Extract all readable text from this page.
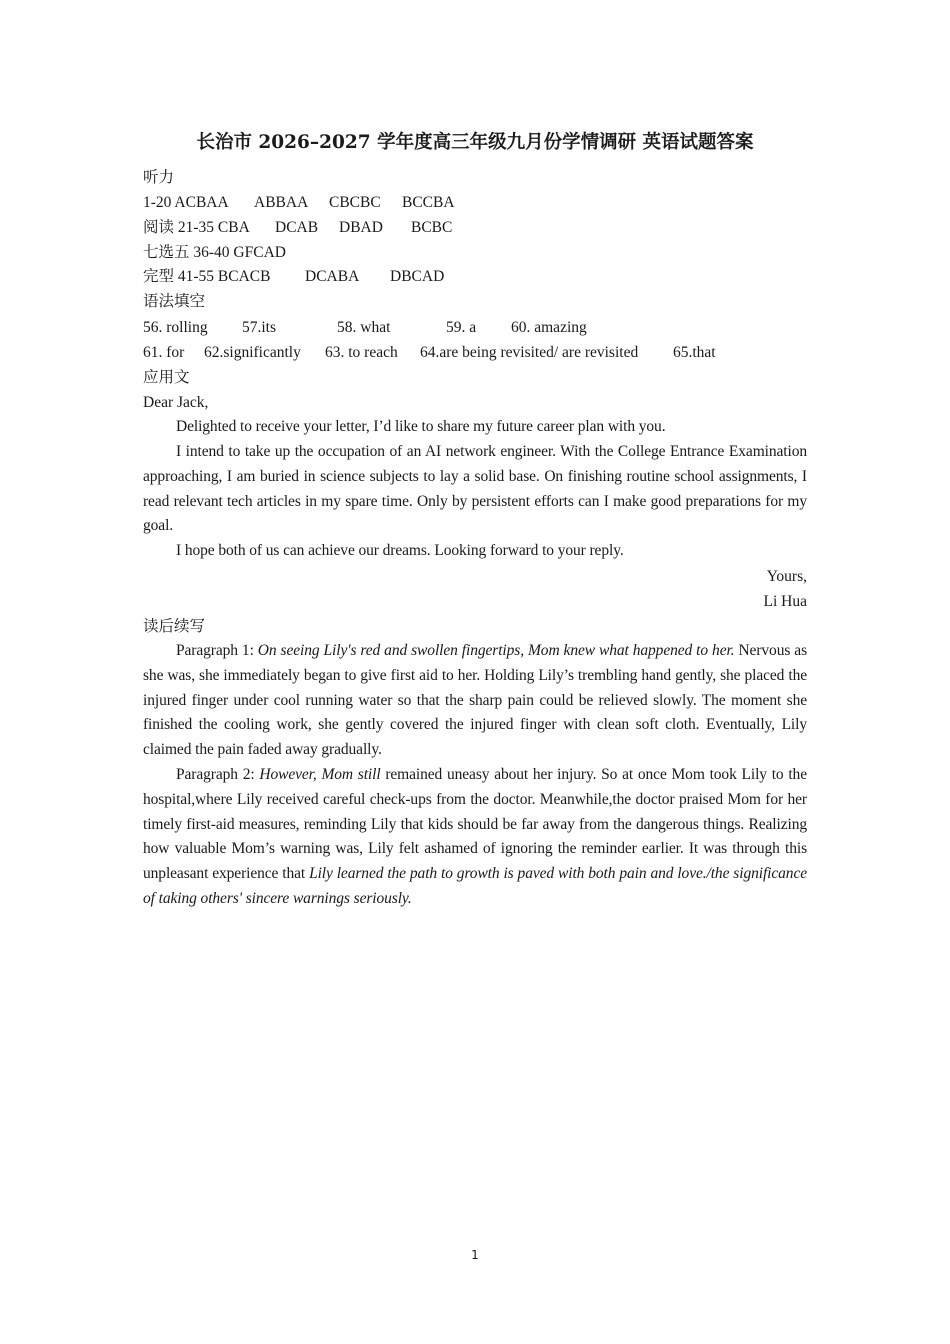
1
长治市 2026–2027 学年度高三年级九月份学情调研 英语试题答案
听力
1-20 ACBAA ABBAA CBCBC BCCBA
阅读 21-35 CBA DCAB DBAD BCBC
七选五 36-40 GFCAD
完型 41-55 BCACB DCABA DBCAD
语法填空
56. rolling 57.its	58. what	59. a 60. amazing
61. for 62.significantly 63. to reach 64.are being revisited/ are revisited 65.that
应用文
Dear Jack,
Delighted to receive your letter, I’d like to share my future career plan with you.
I intend to take up the occupation of an AI network engineer. With the College Entrance Examination approaching, I am buried in science subjects to lay a solid base. On finishing routine school assignments, I read relevant tech articles in my spare time. Only by persistent efforts can I make good preparations for my goal.
I hope both of us can achieve our dreams. Looking forward to your reply.
Yours,
Li Hua
读后续写
Paragraph 1: On seeing Lily's red and swollen fingertips, Mom knew what happened to her. Nervous as she was, she immediately began to give first aid to her. Holding Lily’s trembling hand gently, she placed the injured finger under cool running water so that the sharp pain could be relieved slowly. The moment she finished the cooling work, she gently covered the injured finger with clean soft cloth. Eventually, Lily claimed the pain faded away gradually.
Paragraph 2: However, Mom still remained uneasy about her injury. So at once Mom took Lily to the hospital,where Lily received careful check-ups from the doctor. Meanwhile,the doctor praised Mom for her timely first-aid measures, reminding Lily that kids should be far away from the dangerous things. Realizing how valuable Mom’s warning was, Lily felt ashamed of ignoring the reminder earlier. It was through this unpleasant experience that Lily learned the path to growth is paved with both pain and love./the significance of taking others' sincere warnings seriously.
